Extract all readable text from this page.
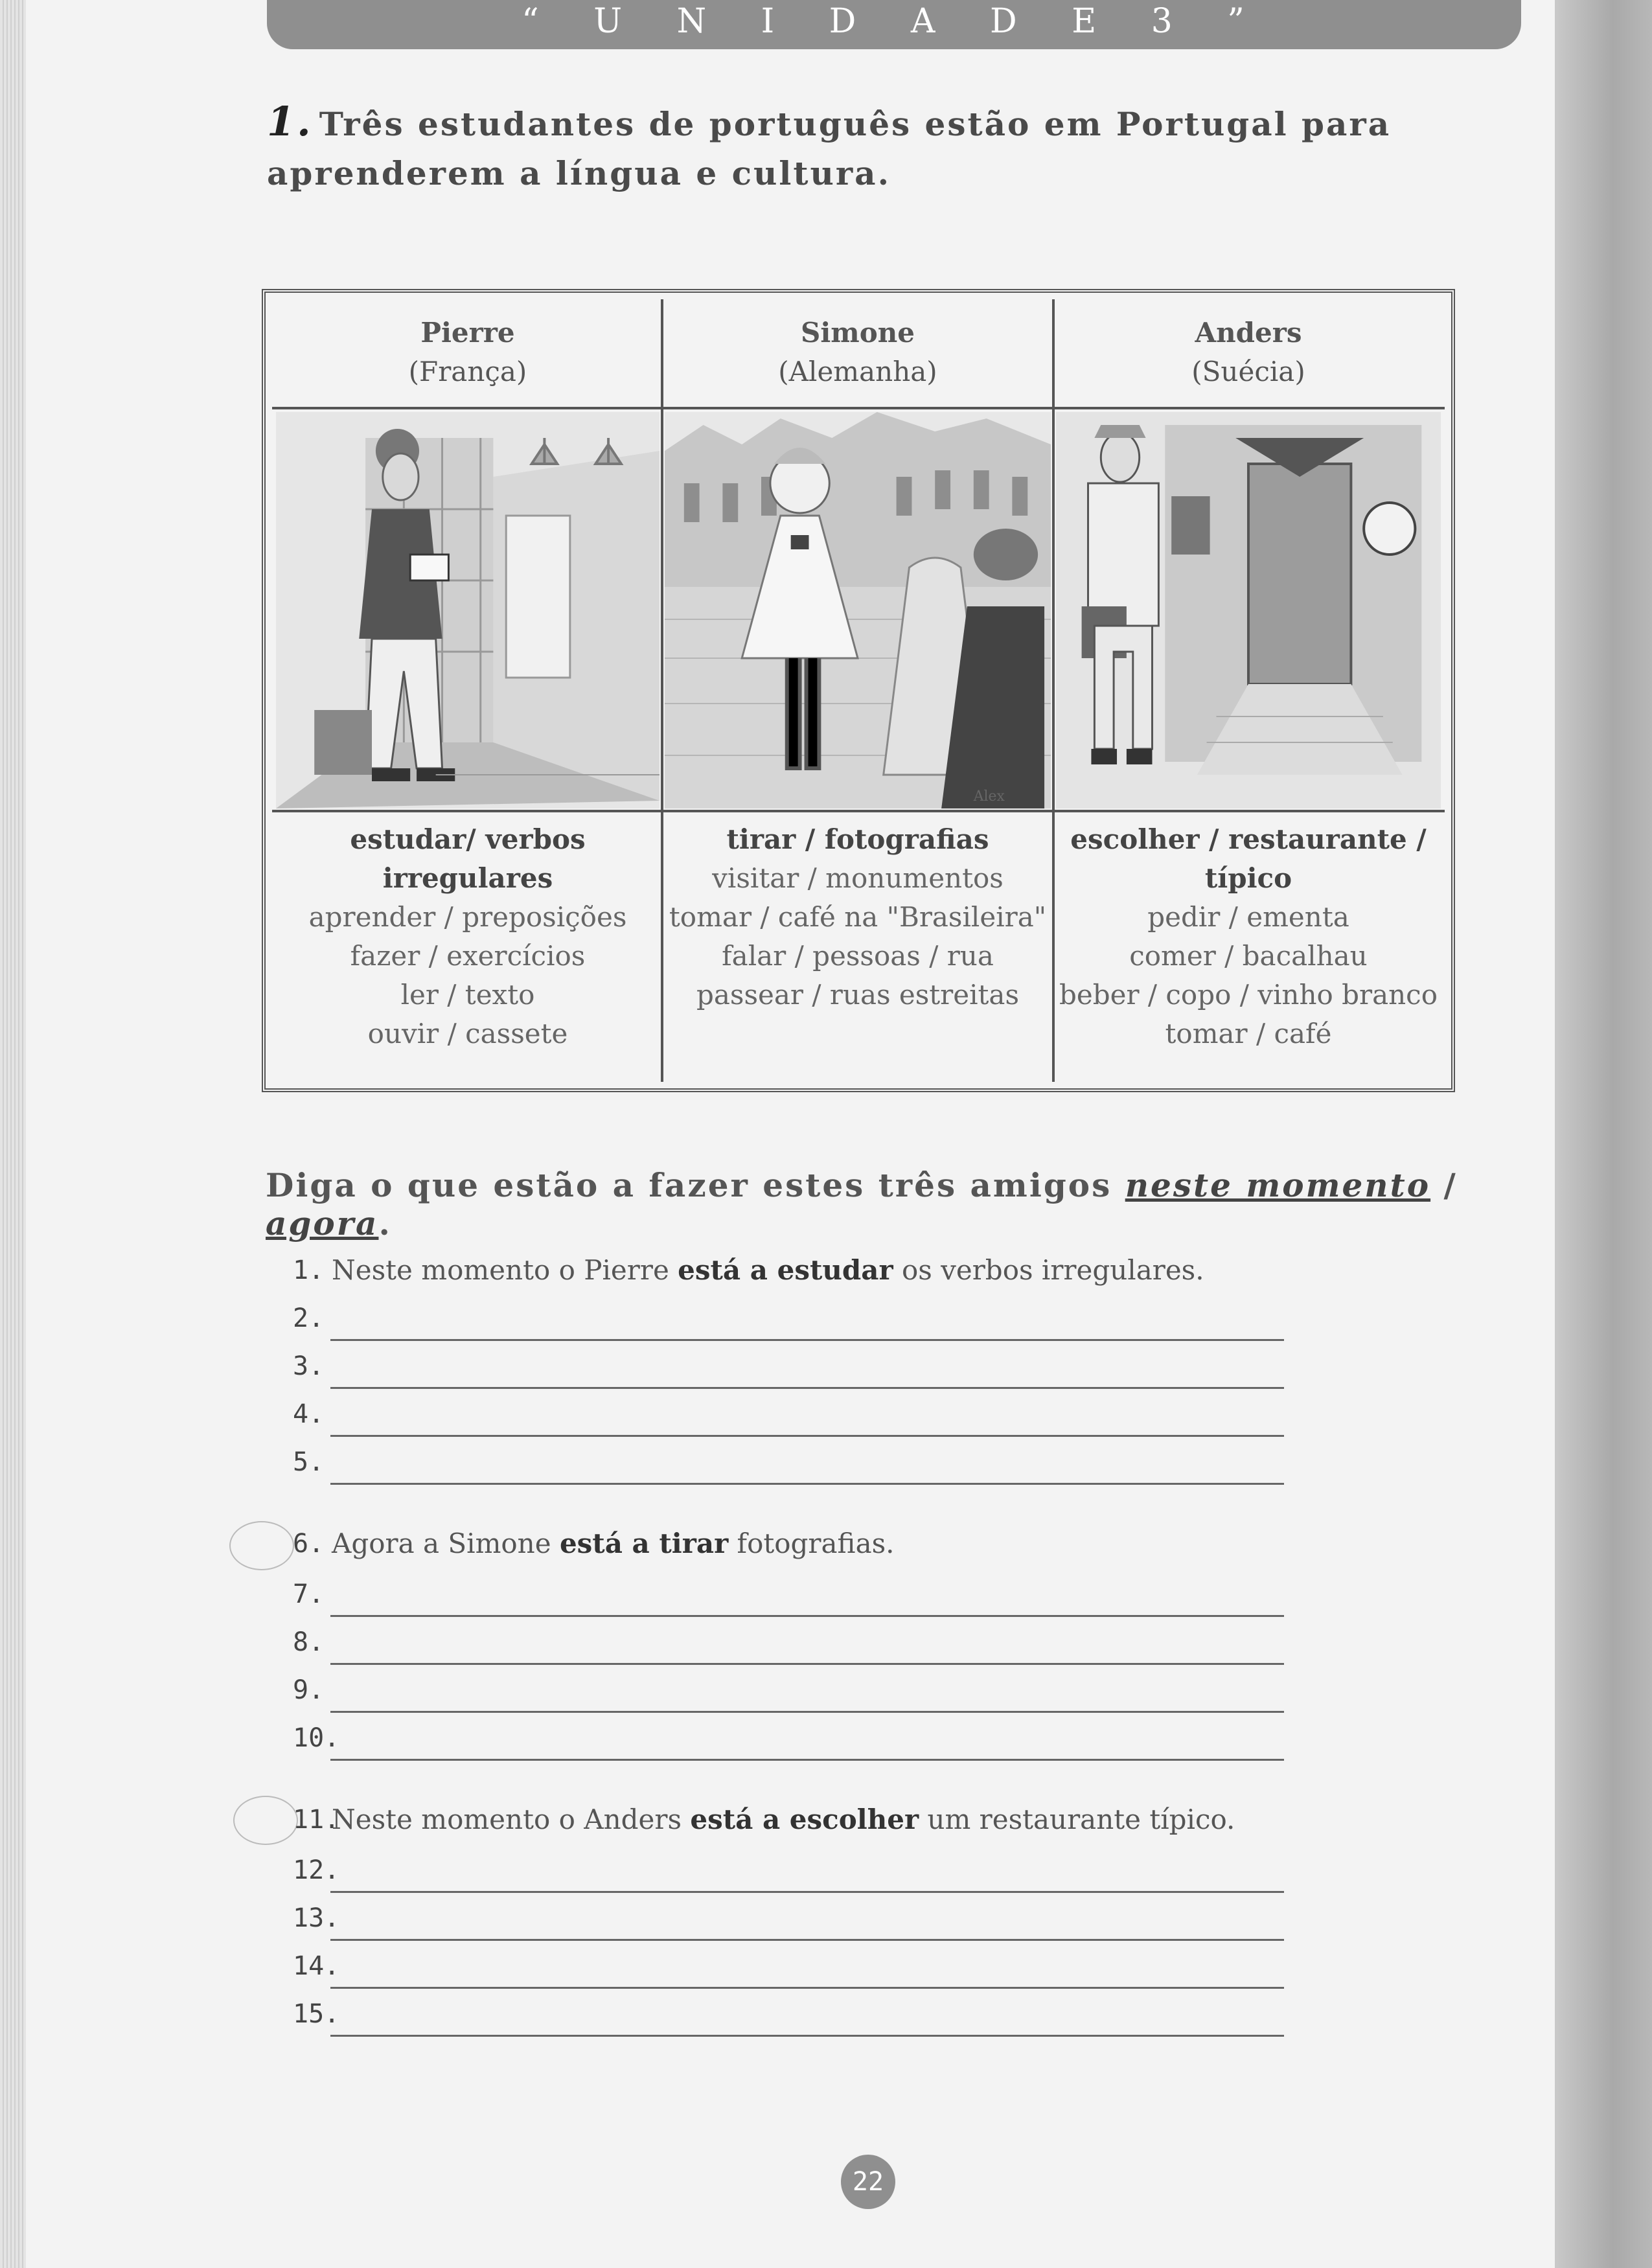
“ U N I D A D E 3 ”
1. Três estudantes de português estão em Portugal para aprenderem a língua e cultura.
Pierre
(França)
estudar/ verbos irregulares
aprender / preposições
fazer / exercícios
ler / texto
ouvir / cassete
Simone
(Alemanha)
Alex
tirar / fotografias
visitar / monumentos
tomar / café na "Brasileira"
falar / pessoas / rua
passear / ruas estreitas
Anders
(Suécia)
escolher / restaurante /
típico
pedir / ementa
comer / bacalhau
beber / copo / vinho branco
tomar / café
Diga o que estão a fazer estes três amigos neste momento / agora.
1. Neste momento o Pierre está a estudar os verbos irregulares.
2.
3.
4.
5.
6. Agora a Simone está a tirar fotografias.
7.
8.
9.
10.
11.
Neste momento o Anders está a escolher um restaurante típico.
12.
13.
14.
15.
22
